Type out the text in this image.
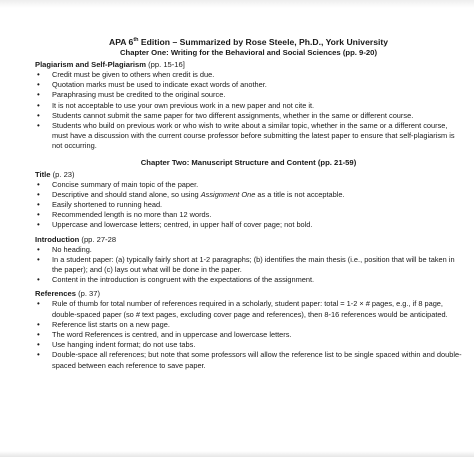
APA 6th Edition – Summarized by Rose Steele, Ph.D., York University

Chapter One: Writing for the Behavioral and Social Sciences (pp. 9-20)

Plagiarism and Self-Plagiarism (pp. 15-16]

• Credit must be given to others when credit is due.
• Quotation marks must be used to indicate exact words of another.
• Paraphrasing must be credited to the original source.
• It is not acceptable to use your own previous work in a new paper and not cite it.
• Students cannot submit the same paper for two different assignments, whether in the same or different course.
• Students who build on previous work or who wish to write about a similar topic, whether in the same or a different course, must have a discussion with the current course professor before submitting the latest paper to ensure that self-plagiarism is not occurring.

Chapter Two: Manuscript Structure and Content (pp. 21-59)

Title (p. 23)

• Concise summary of main topic of the paper.
• Descriptive and should stand alone, so using Assignment One as a title is not acceptable.
• Easily shortened to running head.
• Recommended length is no more than 12 words.
• Uppercase and lowercase letters; centred, in upper half of cover page; not bold.

Introduction (pp. 27-28

• No heading.
• In a student paper: (a) typically fairly short at 1-2 paragraphs; (b) identifies the main thesis (i.e., position that will be taken in the paper); and (c) lays out what will be done in the paper.
• Content in the introduction is congruent with the expectations of the assignment.

References (p. 37)

• Rule of thumb for total number of references required in a scholarly, student paper: total = 1-2 × # pages, e.g., if 8 page, double-spaced paper (so # text pages, excluding cover page and references), then 8-16 references would be anticipated.
• Reference list starts on a new page.
• The word References is centred, and in uppercase and lowercase letters.
• Use hanging indent format; do not use tabs.
• Double-space all references; but note that some professors will allow the reference list to be single spaced within and double-spaced between each reference to save paper.
